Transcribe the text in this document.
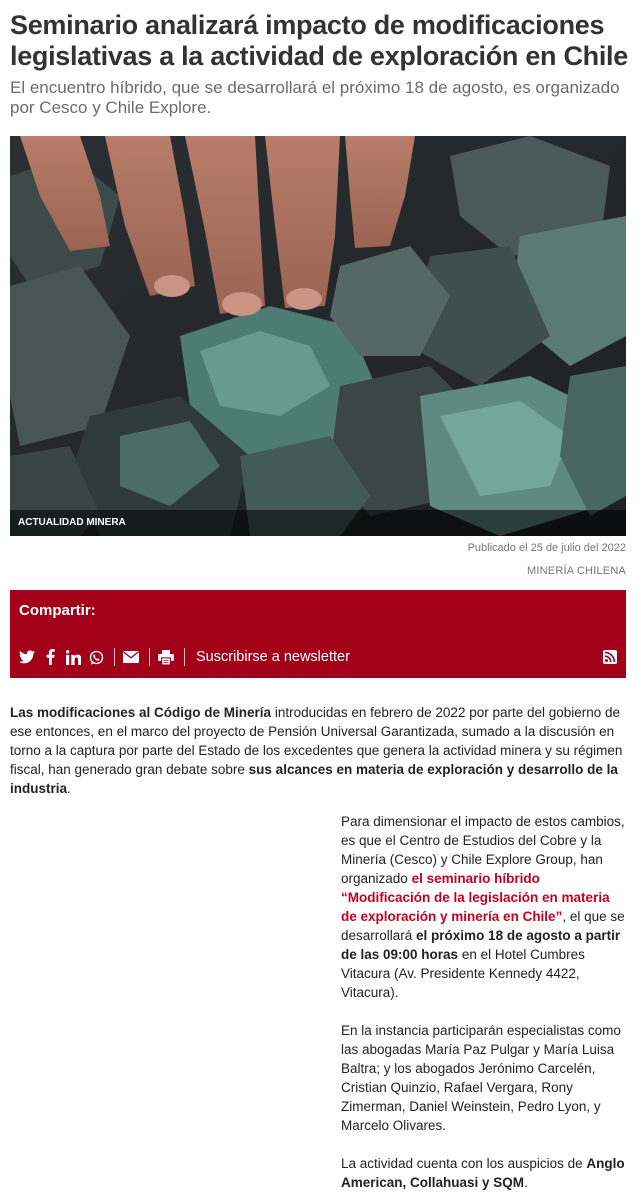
Seminario analizará impacto de modificaciones legislativas a la actividad de exploración en Chile

El encuentro híbrido, que se desarrollará el próximo 18 de agosto, es organizado por Cesco y Chile Explore.

ACTUALIDAD MINERA
Publicado el 25 de julio del 2022
MINERÍA CHILENA
Compartir:
Suscribirse a newsletter

Las modificaciones al Código de Minería introducidas en febrero de 2022 por parte del gobierno de ese entonces, en el marco del proyecto de Pensión Universal Garantizada, sumado a la discusión en torno a la captura por parte del Estado de los excedentes que genera la actividad minera y su régimen fiscal, han generado gran debate sobre sus alcances en materia de exploración y desarrollo de la industria.

Para dimensionar el impacto de estos cambios, es que el Centro de Estudios del Cobre y la Minería (Cesco) y Chile Explore Group, han organizado el seminario híbrido “Modificación de la legislación en materia de exploración y minería en Chile”, el que se desarrollará el próximo 18 de agosto a partir de las 09:00 horas en el Hotel Cumbres Vitacura (Av. Presidente Kennedy 4422, Vitacura).

En la instancia participarán especialistas como las abogadas María Paz Pulgar y María Luisa Baltra; y los abogados Jerónimo Carcelén, Cristian Quinzio, Rafael Vergara, Rony Zimerman, Daniel Weinstein, Pedro Lyon, y Marcelo Olivares.

La actividad cuenta con los auspicios de Anglo American, Collahuasi y SQM.
